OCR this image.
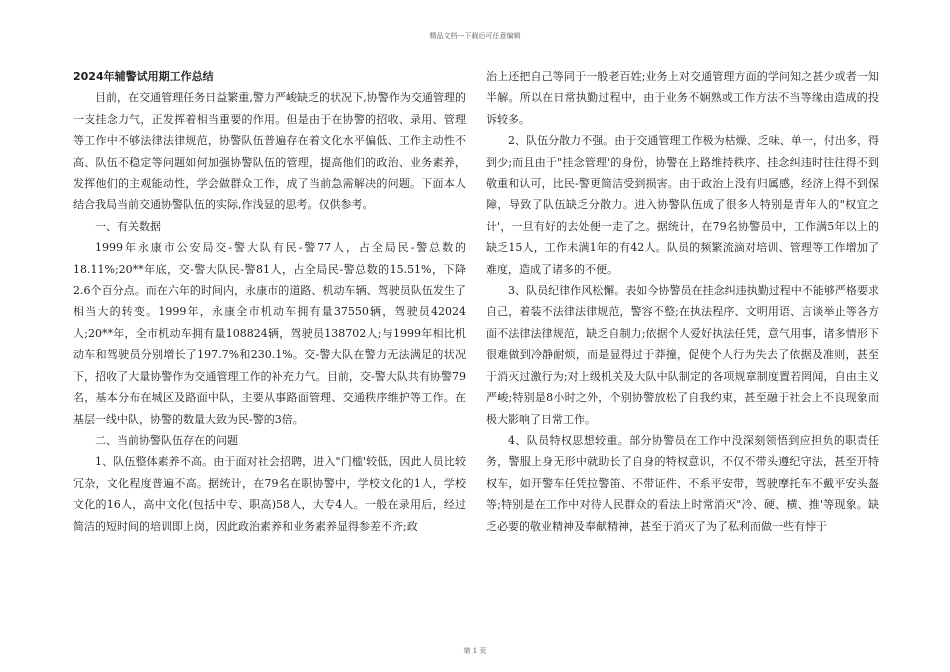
精品文档---下载后可任意编辑
2024年辅警试用期工作总结

目前，在交通管理任务日益繁重,警力严峻缺乏的状况下,协警作为交通管理的一支挂念力气，正发挥着相当重要的作用。但是由于在协警的招收、录用、管理等工作中不够法律法律规范，协警队伍普遍存在着文化水平偏低、工作主动性不高、队伍不稳定等问题如何加强协警队伍的管理，提高他们的政治、业务素养，发挥他们的主观能动性，学会做群众工作，成了当前急需解决的问题。下面本人结合我局当前交通协警队伍的实际,作浅显的思考。仅供参考。

一、有关数据

1999年永康市公安局交-警大队有民-警77人，占全局民-警总数的18.11%;20**年底，交-警大队民-警81人，占全局民-警总数的15.51%，下降2.6个百分点。而在六年的时间内，永康市的道路、机动车辆、驾驶员队伍发生了相当大的转变。1999年，永康全市机动车拥有量37550辆，驾驶员42024人;20**年，全市机动车拥有量108824辆，驾驶员138702人;与1999年相比机动车和驾驶员分别增长了197.7%和230.1%。交-警大队在警力无法满足的状况下，招收了大量协警作为交通管理工作的补充力气。目前，交-警大队共有协警79名，基本分布在城区及路面中队，主要从事路面管理、交通秩序维护等工作。在基层一线中队，协警的数量大致为民-警的3倍。

二、当前协警队伍存在的问题

1、队伍整体素养不高。由于面对社会招聘，进入"门槛'较低，因此人员比较冗杂，文化程度普遍不高。据统计，在79名在职协警中，学校文化的1人，学校文化的16人，高中文化(包括中专、职高)58人，大专4人。一般在录用后，经过简洁的短时间的培训即上岗，因此政治素养和业务素养显得参差不齐;政

治上还把自己等同于一般老百姓;业务上对交通管理方面的学问知之甚少或者一知半解。所以在日常执勤过程中，由于业务不娴熟或工作方法不当等缘由造成的投诉较多。

2、队伍分散力不强。由于交通管理工作极为枯燥、乏味、单一，付出多，得到少;而且由于"挂念管理'的身份，协警在上路维持秩序、挂念纠违时往往得不到敬重和认可，比民-警更简洁受到损害。由于政治上没有归属感，经济上得不到保障，导致了队伍缺乏分散力。进入协警队伍成了很多人特别是青年人的"权宜之计'，一旦有好的去处便一走了之。据统计，在79名协警员中，工作满5年以上的缺乏15人，工作未满1年的有42人。队员的频繁流滴对培训、管理等工作增加了难度，造成了诸多的不便。

3、队员纪律作风松懈。表如今协警员在挂念纠违执勤过程中不能够严格要求自己，着装不法律法律规范，警容不整;在执法程序、文明用语、言谈举止等各方面不法律法律规范，缺乏自制力;依据个人爱好执法任凭，意气用事，诸多情形下很难做到冷静耐烦，而是显得过于莽撞，促使个人行为失去了依据及准则，甚至于消灭过激行为;对上级机关及大队中队制定的各项规章制度置若罔闻，自由主义严峻;特别是8小时之外，个别协警放松了自我约束，甚至融于社会上不良现象而极大影响了日常工作。

4、队员特权思想较重。部分协警员在工作中没深刻领悟到应担负的职责任务，警服上身无形中就助长了自身的特权意识，不仅不带头遵纪守法，甚至开特权车，如开警车任凭拉警笛、不带证件、不系平安带，驾驶摩托车不戴平安头盔等;特别是在工作中对待人民群众的看法上时常消灭"冷、硬、横、推'等现象。缺乏必要的敬业精神及奉献精神，甚至于消灭了为了私利而做一些有悖于

第 1 页
